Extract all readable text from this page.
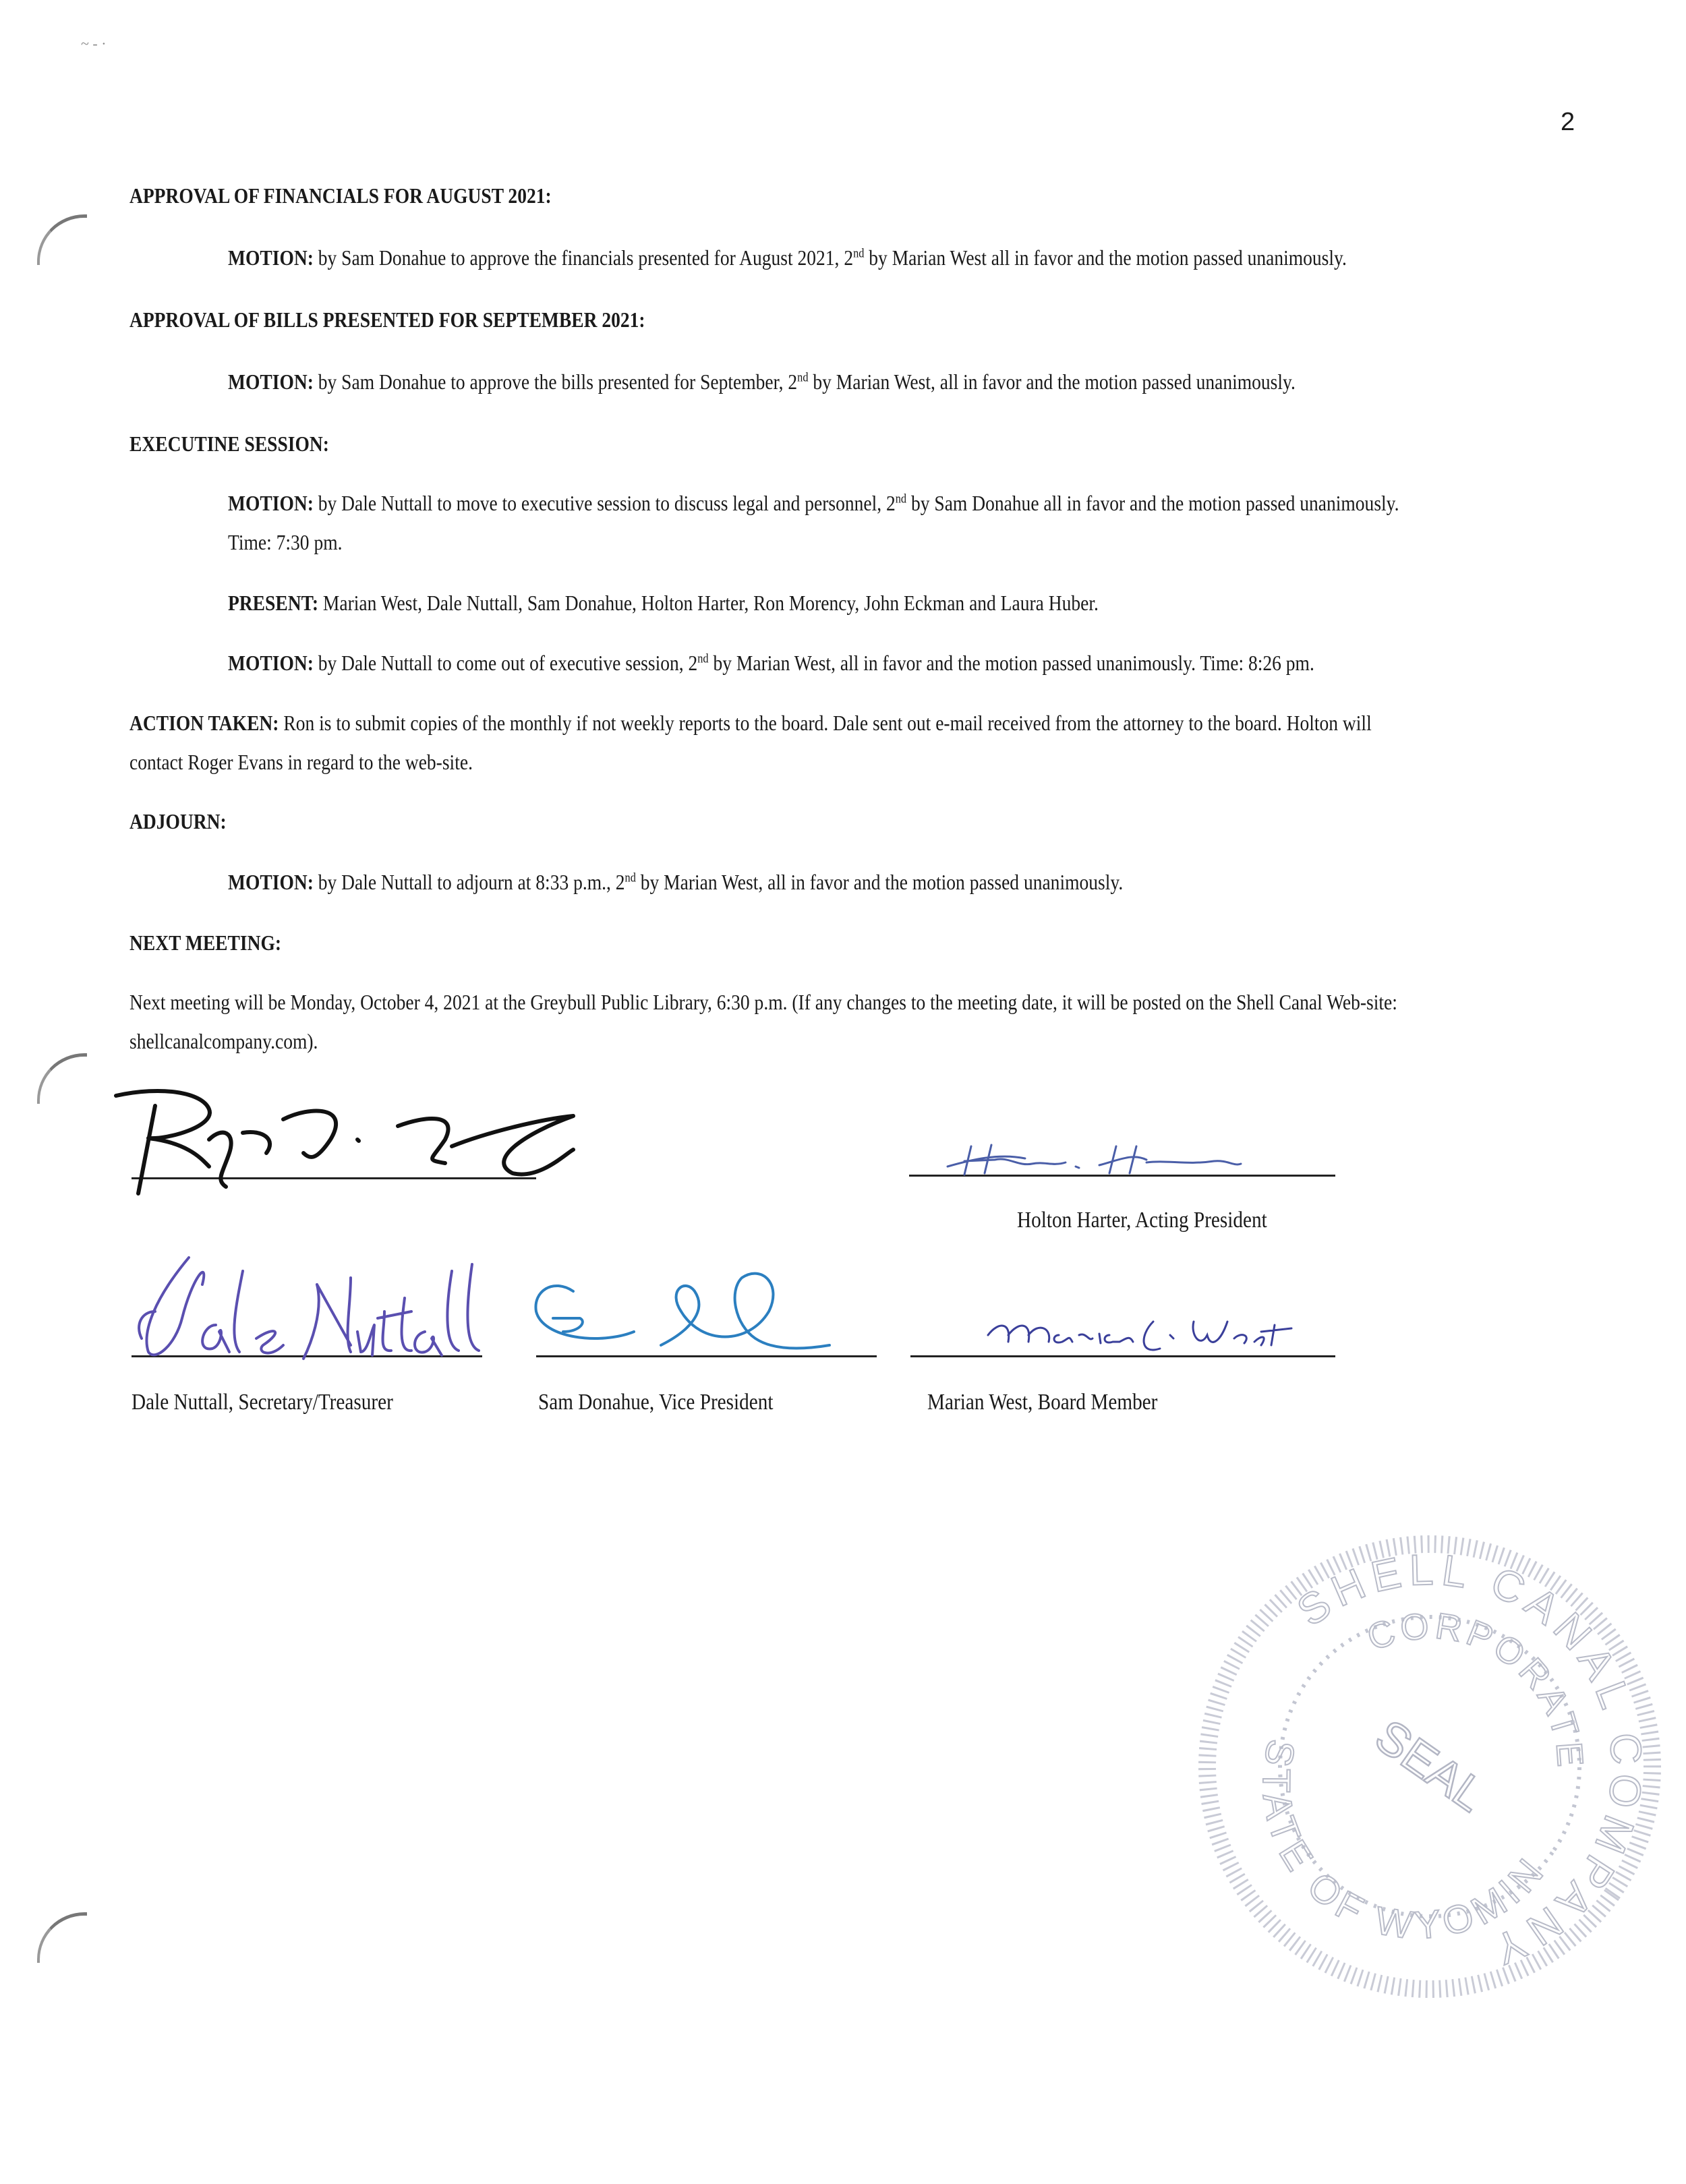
~ - ·
2
APPROVAL OF FINANCIALS FOR AUGUST 2021:
MOTION: by Sam Donahue to approve the financials presented for August 2021, 2nd by Marian West all in favor and the motion passed unanimously.
APPROVAL OF BILLS PRESENTED FOR SEPTEMBER 2021:
MOTION: by Sam Donahue to approve the bills presented for September, 2nd by Marian West, all in favor and the motion passed unanimously.
EXECUTINE SESSION:
MOTION: by Dale Nuttall to move to executive session to discuss legal and personnel, 2nd by Sam Donahue all in favor and the motion passed unanimously.
Time: 7:30 pm.
PRESENT: Marian West, Dale Nuttall, Sam Donahue, Holton Harter, Ron Morency, John Eckman and Laura Huber.
MOTION: by Dale Nuttall to come out of executive session, 2nd by Marian West, all in favor and the motion passed unanimously. Time: 8:26 pm.
ACTION TAKEN: Ron is to submit copies of the monthly if not weekly reports to the board. Dale sent out e-mail received from the attorney to the board. Holton will
contact Roger Evans in regard to the web-site.
ADJOURN:
MOTION: by Dale Nuttall to adjourn at 8:33 p.m., 2nd by Marian West, all in favor and the motion passed unanimously.
NEXT MEETING:
Next meeting will be Monday, October 4, 2021 at the Greybull Public Library, 6:30 p.m. (If any changes to the meeting date, it will be posted on the Shell Canal Web-site:
shellcanalcompany.com).
Holton Harter, Acting President
Dale Nuttall, Secretary/Treasurer	Sam Donahue, Vice President	Marian West, Board Member
SHELL CANAL COMPANY
CORPORATE
SEAL
STATE OF WYOMING
